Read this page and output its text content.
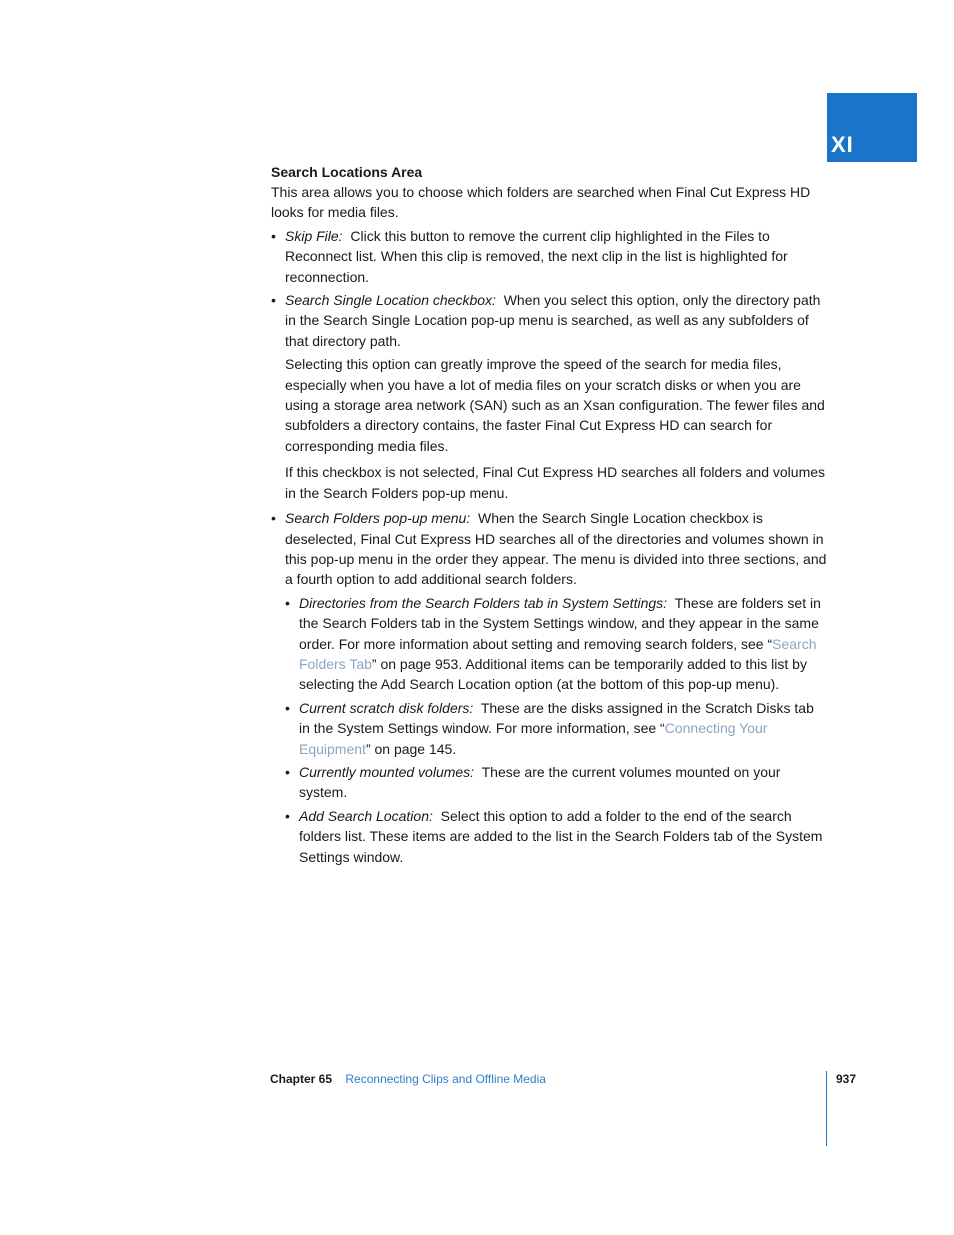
XI

Search Locations Area

This area allows you to choose which folders are searched when Final Cut Express HD looks for media files.

• Skip File: Click this button to remove the current clip highlighted in the Files to Reconnect list. When this clip is removed, the next clip in the list is highlighted for reconnection.
• Search Single Location checkbox: When you select this option, only the directory path in the Search Single Location pop-up menu is searched, as well as any subfolders of that directory path.

Selecting this option can greatly improve the speed of the search for media files, especially when you have a lot of media files on your scratch disks or when you are using a storage area network (SAN) such as an Xsan configuration. The fewer files and subfolders a directory contains, the faster Final Cut Express HD can search for corresponding media files.

If this checkbox is not selected, Final Cut Express HD searches all folders and volumes in the Search Folders pop-up menu.

• Search Folders pop-up menu: When the Search Single Location checkbox is deselected, Final Cut Express HD searches all of the directories and volumes shown in this pop-up menu in the order they appear. The menu is divided into three sections, and a fourth option to add additional search folders.
• Directories from the Search Folders tab in System Settings: These are folders set in the Search Folders tab in the System Settings window, and they appear in the same order. For more information about setting and removing search folders, see “Search Folders Tab” on page 953. Additional items can be temporarily added to this list by selecting the Add Search Location option (at the bottom of this pop-up menu).
• Current scratch disk folders: These are the disks assigned in the Scratch Disks tab in the System Settings window. For more information, see “Connecting Your Equipment” on page 145.
• Currently mounted volumes: These are the current volumes mounted on your system.
• Add Search Location: Select this option to add a folder to the end of the search folders list. These items are added to the list in the Search Folders tab of the System Settings window.
Chapter 65 Reconnecting Clips and Offline Media	937
